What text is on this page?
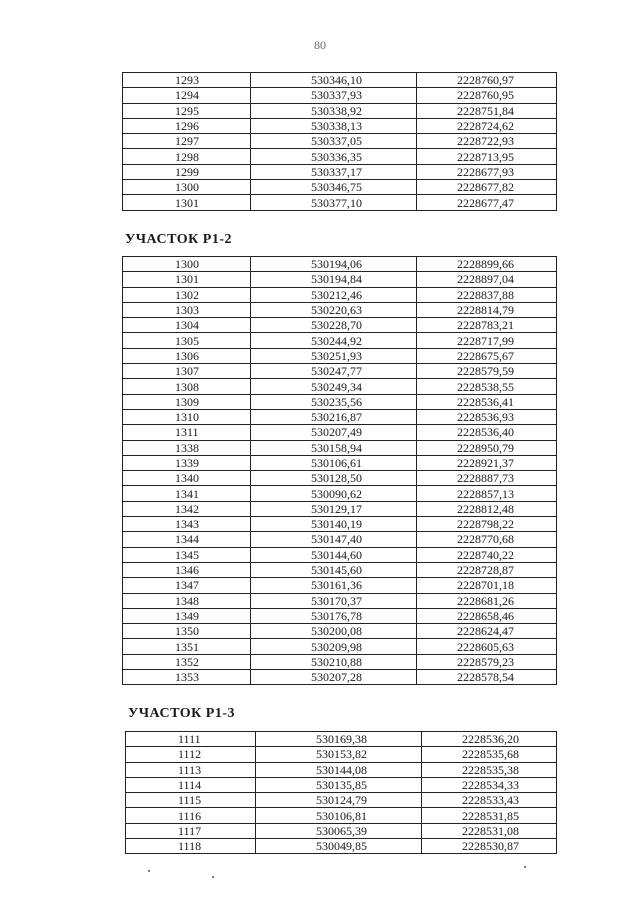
80
1293	530346,10	2228760,97
1294	530337,93	2228760,95
1295	530338,92	2228751,84
1296	530338,13	2228724,62
1297	530337,05	2228722,93
1298	530336,35	2228713,95
1299	530337,17	2228677,93
1300	530346,75	2228677,82
1301	530377,10	2228677,47
УЧАСТОК Р1-2
1300	530194,06	2228899,66
1301	530194,84	2228897,04
1302	530212,46	2228837,88
1303	530220,63	2228814,79
1304	530228,70	2228783,21
1305	530244,92	2228717,99
1306	530251,93	2228675,67
1307	530247,77	2228579,59
1308	530249,34	2228538,55
1309	530235,56	2228536,41
1310	530216,87	2228536,93
1311	530207,49	2228536,40
1338	530158,94	2228950,79
1339	530106,61	2228921,37
1340	530128,50	2228887,73
1341	530090,62	2228857,13
1342	530129,17	2228812,48
1343	530140,19	2228798,22
1344	530147,40	2228770,68
1345	530144,60	2228740,22
1346	530145,60	2228728,87
1347	530161,36	2228701,18
1348	530170,37	2228681,26
1349	530176,78	2228658,46
1350	530200,08	2228624,47
1351	530209,98	2228605,63
1352	530210,88	2228579,23
1353	530207,28	2228578,54
УЧАСТОК Р1-3
1111	530169,38	2228536,20
1112	530153,82	2228535,68
1113	530144,08	2228535,38
1114	530135,85	2228534,33
1115	530124,79	2228533,43
1116	530106,81	2228531,85
1117	530065,39	2228531,08
1118	530049,85	2228530,87
